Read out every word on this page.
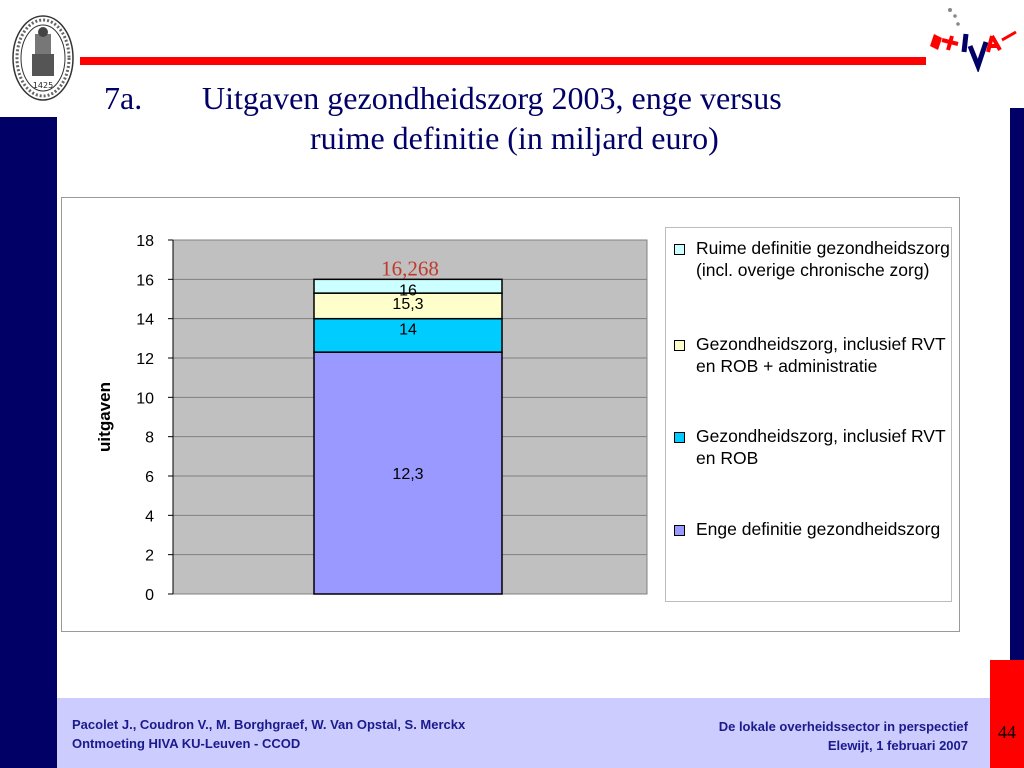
1425 7a. Uitgaven gezondheidszorg 2003, enge versus
ruime definitie (in miljard euro)
0
2
4
6
8
10
12
14
16
18
uitgaven
12,3
14
15,3
16
16,268
Ruime definitie gezondheidszorg (incl. overige chronische zorg)
Gezondheidszorg, inclusief RVT en ROB + administratie
Gezondheidszorg, inclusief RVT en ROB
Enge definitie gezondheidszorg
Pacolet J., Coudron V., M. Borghgraef, W. Van Opstal, S. Merckx
Ontmoeting HIVA KU-Leuven - CCOD
De lokale overheidssector in perspectief
Elewijt, 1 februari 2007
44
